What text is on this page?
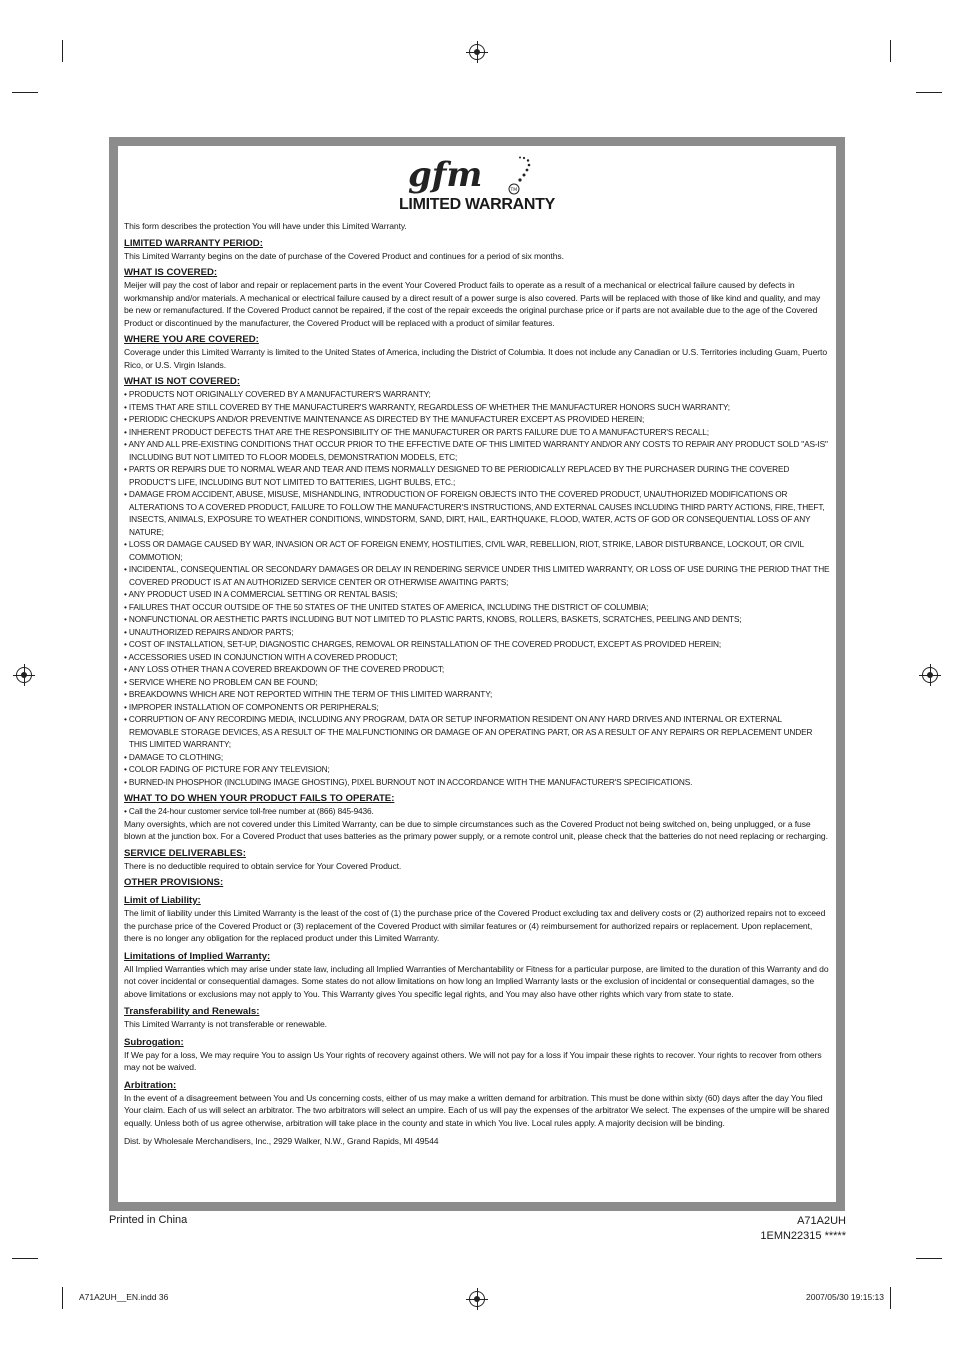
gfm	TM
LIMITED WARRANTY

This form describes the protection You will have under this Limited Warranty.

LIMITED WARRANTY PERIOD:

This Limited Warranty begins on the date of purchase of the Covered Product and continues for a period of six months.

WHAT IS COVERED:

Meijer will pay the cost of labor and repair or replacement parts in the event Your Covered Product fails to operate as a result of a mechanical or electrical failure caused by defects in workmanship and/or materials. A mechanical or electrical failure caused by a direct result of a power surge is also covered. Parts will be replaced with those of like kind and quality, and may be new or remanufactured. If the Covered Product cannot be repaired, if the cost of the repair exceeds the original purchase price or if parts are not available due to the age of the Covered Product or discontinued by the manufacturer, the Covered Product will be replaced with a product of similar features.

WHERE YOU ARE COVERED:

Coverage under this Limited Warranty is limited to the United States of America, including the District of Columbia. It does not include any Canadian or U.S. Territories including Guam, Puerto Rico, or U.S. Virgin Islands.

WHAT IS NOT COVERED:

• PRODUCTS NOT ORIGINALLY COVERED BY A MANUFACTURER'S WARRANTY;
• ITEMS THAT ARE STILL COVERED BY THE MANUFACTURER'S WARRANTY, REGARDLESS OF WHETHER THE MANUFACTURER HONORS SUCH WARRANTY;
• PERIODIC CHECKUPS AND/OR PREVENTIVE MAINTENANCE AS DIRECTED BY THE MANUFACTURER EXCEPT AS PROVIDED HEREIN;
• INHERENT PRODUCT DEFECTS THAT ARE THE RESPONSIBILITY OF THE MANUFACTURER OR PARTS FAILURE DUE TO A MANUFACTURER'S RECALL;
• ANY AND ALL PRE-EXISTING CONDITIONS THAT OCCUR PRIOR TO THE EFFECTIVE DATE OF THIS LIMITED WARRANTY AND/OR ANY COSTS TO REPAIR ANY PRODUCT SOLD "AS-IS" INCLUDING BUT NOT LIMITED TO FLOOR MODELS, DEMONSTRATION MODELS, ETC;
• PARTS OR REPAIRS DUE TO NORMAL WEAR AND TEAR AND ITEMS NORMALLY DESIGNED TO BE PERIODICALLY REPLACED BY THE PURCHASER DURING THE COVERED PRODUCT'S LIFE, INCLUDING BUT NOT LIMITED TO BATTERIES, LIGHT BULBS, ETC.;
• DAMAGE FROM ACCIDENT, ABUSE, MISUSE, MISHANDLING, INTRODUCTION OF FOREIGN OBJECTS INTO THE COVERED PRODUCT, UNAUTHORIZED MODIFICATIONS OR ALTERATIONS TO A COVERED PRODUCT, FAILURE TO FOLLOW THE MANUFACTURER'S INSTRUCTIONS, AND EXTERNAL CAUSES INCLUDING THIRD PARTY ACTIONS, FIRE, THEFT, INSECTS, ANIMALS, EXPOSURE TO WEATHER CONDITIONS, WINDSTORM, SAND, DIRT, HAIL, EARTHQUAKE, FLOOD, WATER, ACTS OF GOD OR CONSEQUENTIAL LOSS OF ANY NATURE;
• LOSS OR DAMAGE CAUSED BY WAR, INVASION OR ACT OF FOREIGN ENEMY, HOSTILITIES, CIVIL WAR, REBELLION, RIOT, STRIKE, LABOR DISTURBANCE, LOCKOUT, OR CIVIL COMMOTION;
• INCIDENTAL, CONSEQUENTIAL OR SECONDARY DAMAGES OR DELAY IN RENDERING SERVICE UNDER THIS LIMITED WARRANTY, OR LOSS OF USE DURING THE PERIOD THAT THE COVERED PRODUCT IS AT AN AUTHORIZED SERVICE CENTER OR OTHERWISE AWAITING PARTS;
• ANY PRODUCT USED IN A COMMERCIAL SETTING OR RENTAL BASIS;
• FAILURES THAT OCCUR OUTSIDE OF THE 50 STATES OF THE UNITED STATES OF AMERICA, INCLUDING THE DISTRICT OF COLUMBIA;
• NONFUNCTIONAL OR AESTHETIC PARTS INCLUDING BUT NOT LIMITED TO PLASTIC PARTS, KNOBS, ROLLERS, BASKETS, SCRATCHES, PEELING AND DENTS;
• UNAUTHORIZED REPAIRS AND/OR PARTS;
• COST OF INSTALLATION, SET-UP, DIAGNOSTIC CHARGES, REMOVAL OR REINSTALLATION OF THE COVERED PRODUCT, EXCEPT AS PROVIDED HEREIN;
• ACCESSORIES USED IN CONJUNCTION WITH A COVERED PRODUCT;
• ANY LOSS OTHER THAN A COVERED BREAKDOWN OF THE COVERED PRODUCT;
• SERVICE WHERE NO PROBLEM CAN BE FOUND;
• BREAKDOWNS WHICH ARE NOT REPORTED WITHIN THE TERM OF THIS LIMITED WARRANTY;
• IMPROPER INSTALLATION OF COMPONENTS OR PERIPHERALS;
• CORRUPTION OF ANY RECORDING MEDIA, INCLUDING ANY PROGRAM, DATA OR SETUP INFORMATION RESIDENT ON ANY HARD DRIVES AND INTERNAL OR EXTERNAL REMOVABLE STORAGE DEVICES, AS A RESULT OF THE MALFUNCTIONING OR DAMAGE OF AN OPERATING PART, OR AS A RESULT OF ANY REPAIRS OR REPLACEMENT UNDER THIS LIMITED WARRANTY;
• DAMAGE TO CLOTHING;
• COLOR FADING OF PICTURE FOR ANY TELEVISION;
• BURNED-IN PHOSPHOR (INCLUDING IMAGE GHOSTING), PIXEL BURNOUT NOT IN ACCORDANCE WITH THE MANUFACTURER'S SPECIFICATIONS.

WHAT TO DO WHEN YOUR PRODUCT FAILS TO OPERATE:

• Call the 24-hour customer service toll-free number at (866) 845-9436.

Many oversights, which are not covered under this Limited Warranty, can be due to simple circumstances such as the Covered Product not being switched on, being unplugged, or a fuse blown at the junction box. For a Covered Product that uses batteries as the primary power supply, or a remote control unit, please check that the batteries do not need replacing or recharging.

SERVICE DELIVERABLES:

There is no deductible required to obtain service for Your Covered Product.

OTHER PROVISIONS:

Limit of Liability:

The limit of liability under this Limited Warranty is the least of the cost of (1) the purchase price of the Covered Product excluding tax and delivery costs or (2) authorized repairs not to exceed the purchase price of the Covered Product or (3) replacement of the Covered Product with similar features or (4) reimbursement for authorized repairs or replacement. Upon replacement, there is no longer any obligation for the replaced product under this Limited Warranty.

Limitations of Implied Warranty:

All Implied Warranties which may arise under state law, including all Implied Warranties of Merchantability or Fitness for a particular purpose, are limited to the duration of this Warranty and do not cover incidental or consequential damages. Some states do not allow limitations on how long an Implied Warranty lasts or the exclusion of incidental or consequential damages, so the above limitations or exclusions may not apply to You. This Warranty gives You specific legal rights, and You may also have other rights which vary from state to state.

Transferability and Renewals:

This Limited Warranty is not transferable or renewable.

Subrogation:

If We pay for a loss, We may require You to assign Us Your rights of recovery against others. We will not pay for a loss if You impair these rights to recover. Your rights to recover from others may not be waived.

Arbitration:

In the event of a disagreement between You and Us concerning costs, either of us may make a written demand for arbitration. This must be done within sixty (60) days after the day You filed Your claim. Each of us will select an arbitrator. The two arbitrators will select an umpire. Each of us will pay the expenses of the arbitrator We select. The expenses of the umpire will be shared equally. Unless both of us agree otherwise, arbitration will take place in the county and state in which You live. Local rules apply. A majority decision will be binding.

Dist. by Wholesale Merchandisers, Inc., 2929 Walker, N.W., Grand Rapids, MI 49544

Printed in China	A71A2UH
1EMN22315 *****
A71A2UH__EN.indd 36	2007/05/30 19:15:13
